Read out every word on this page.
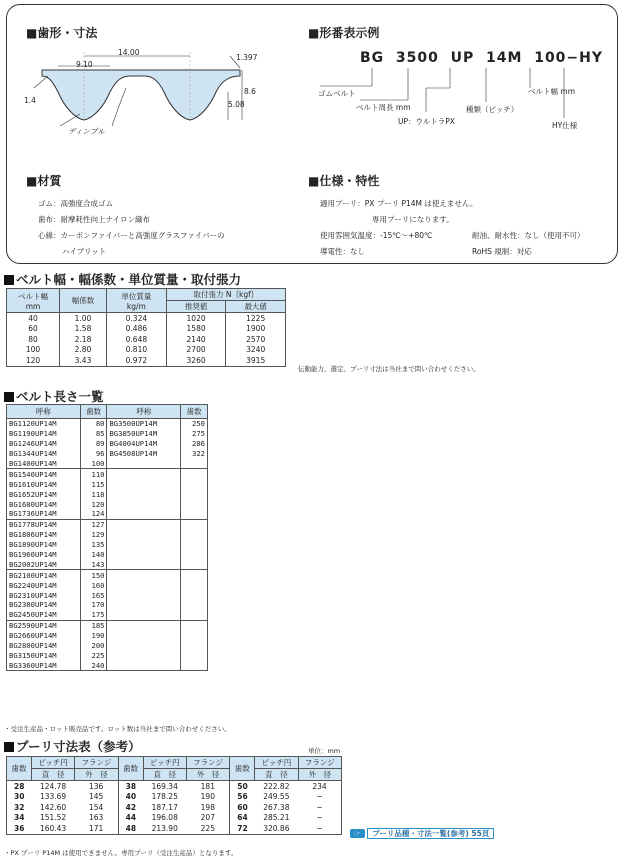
■歯形・寸法
14.00
9.10
1.397
8.6
5.08
1.4
ディンプル
■形番表示例
BG 3500 UP 14M 100−HY
ゴムベルト
ベルト周長 mm
UP：ウルトラPX
種類（ピッチ）
ベルト幅 mm
HY仕様
■材質
ゴム：高強度合成ゴム
歯布：耐摩耗性向上ナイロン織布
心線：カーボンファイバーと高強度グラスファイバーの
ハイブリット
■仕様・特性
適用プーリ：PX プーリ P14M は使えません。
専用プーリになります。
使用雰囲気温度：-15℃～+80℃	耐油、耐水性：なし（使用不可）
導電性：なし	RoHS 規制：対応
ベルト幅・幅係数・単位質量・取付張力
ベルト幅
mm	幅係数	単位質量
kg/m	取付張力 N｛kgf｝	
			推奨値	最大値
40	1.00	0.324	1020	1225
60	1.58	0.486	1580	1900
80	2.18	0.648	2140	2570
100	2.80	0.810	2700	3240
120	3.43	0.972	3260	3915
伝動能力、選定、プーリ寸法は当社まで問い合わせください。
ベルト長さ一覧
呼称	歯数	呼称	歯数
BG1120UP14M	80	BG3500UP14M	250
BG1190UP14M	85	BG3850UP14M	275
BG1246UP14M	89	BG4004UP14M	286
BG1344UP14M	96	BG4508UP14M	322
BG1400UP14M	100		
BG1540UP14M	110		
BG1610UP14M	115		
BG1652UP14M	118		
BG1680UP14M	120		
BG1736UP14M	124		
BG1778UP14M	127		
BG1806UP14M	129		
BG1890UP14M	135		
BG1960UP14M	140		
BG2002UP14M	143		
BG2100UP14M	150		
BG2240UP14M	160		
BG2310UP14M	165		
BG2380UP14M	170		
BG2450UP14M	175		
BG2590UP14M	185		
BG2660UP14M	190		
BG2800UP14M	200		
BG3150UP14M	225		
BG3360UP14M	240		
・受注生産品・ロット販売品です。ロット数は当社まで問い合わせください。
プーリ寸法表（参考）	単位：mm
歯数	ピッチ円	フランジ	歯数	ピッチ円	フランジ	歯数	ピッチ円	フランジ
	直　径	外　径		直　径	外　径		直　径	外　径
28	124.78	136	38	169.34	181	50	222.82	234
30	133.69	145	40	178.25	190	56	249.55	−
32	142.60	154	42	187.17	198	60	267.38	−
34	151.52	163	44	196.08	207	64	285.21	−
36	160.43	171	48	213.90	225	72	320.86	−
☞ プーリ品種・寸法一覧(参考) 55頁
・PX プーリ P14M は使用できません。専用プーリ（受注生産品）となります。
